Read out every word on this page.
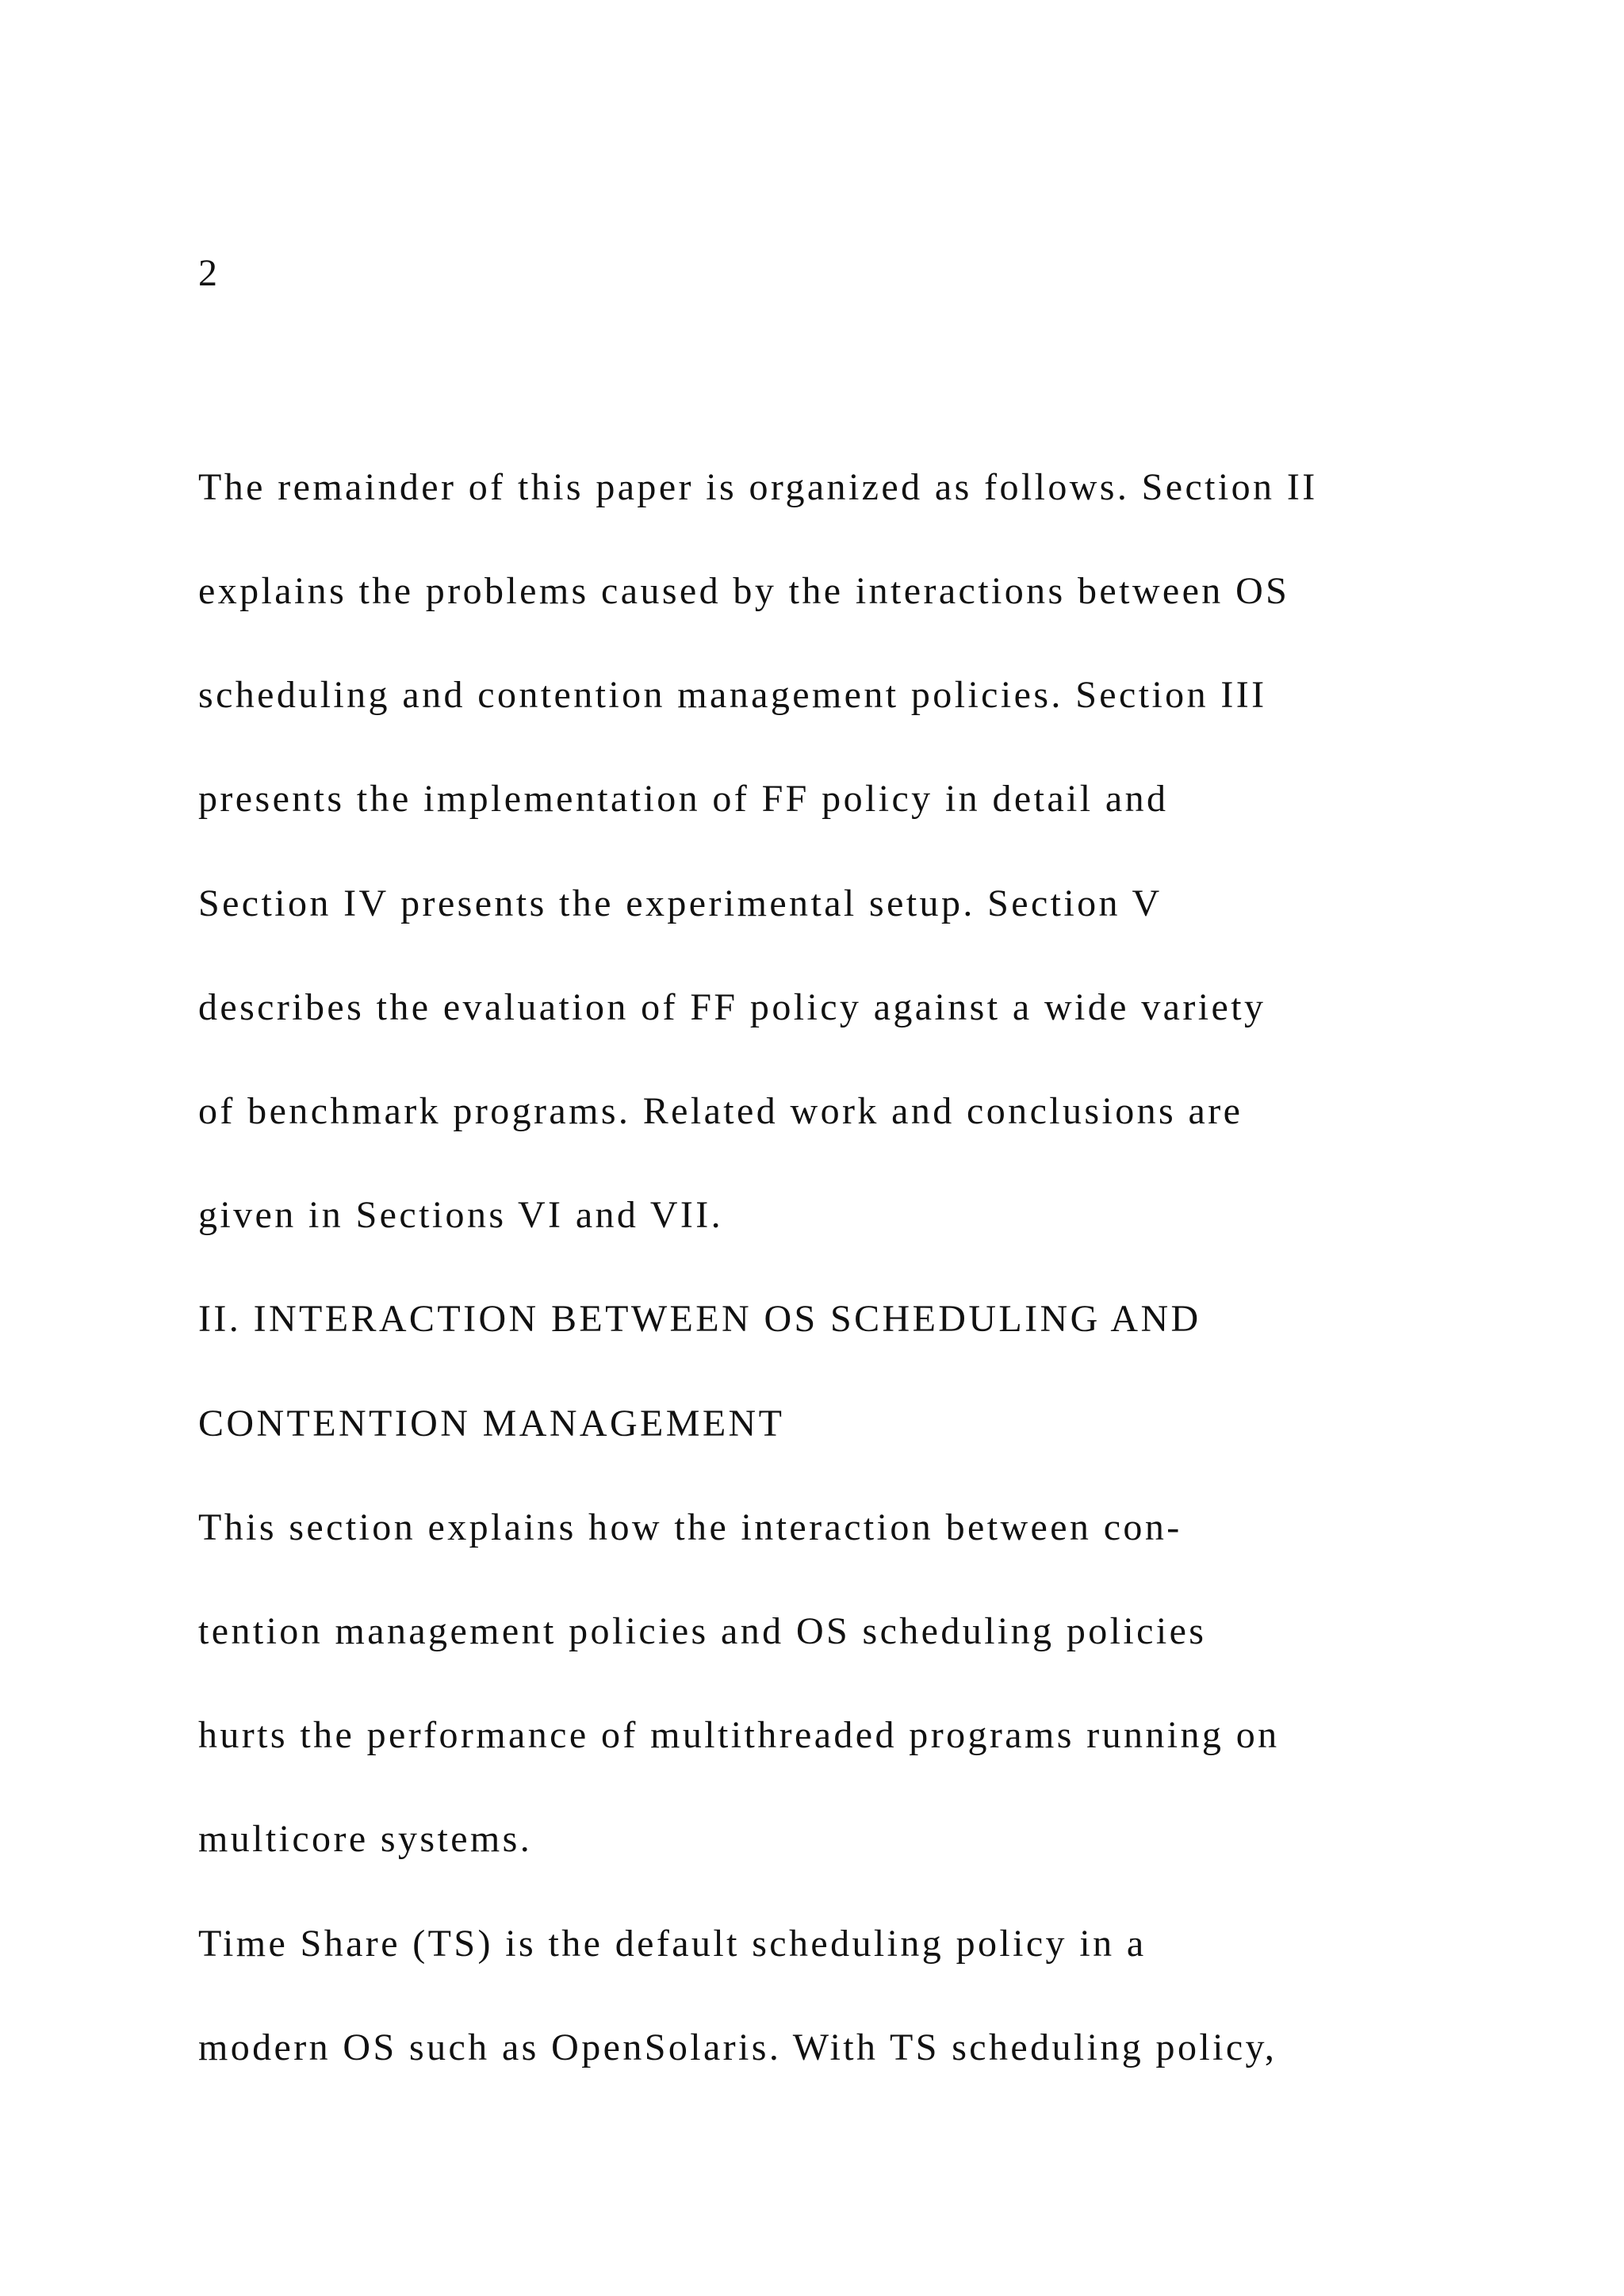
2
The remainder of this paper is organized as follows. Section II
explains the problems caused by the interactions between OS
scheduling and contention management policies. Section III
presents the implementation of FF policy in detail and
Section IV presents the experimental setup. Section V
describes the evaluation of FF policy against a wide variety
of benchmark programs. Related work and conclusions are
given in Sections VI and VII.
II. INTERACTION BETWEEN OS SCHEDULING AND
CONTENTION MANAGEMENT
This section explains how the interaction between con-
tention management policies and OS scheduling policies
hurts the performance of multithreaded programs running on
multicore systems.
Time Share (TS) is the default scheduling policy in a
modern OS such as OpenSolaris. With TS scheduling policy,
